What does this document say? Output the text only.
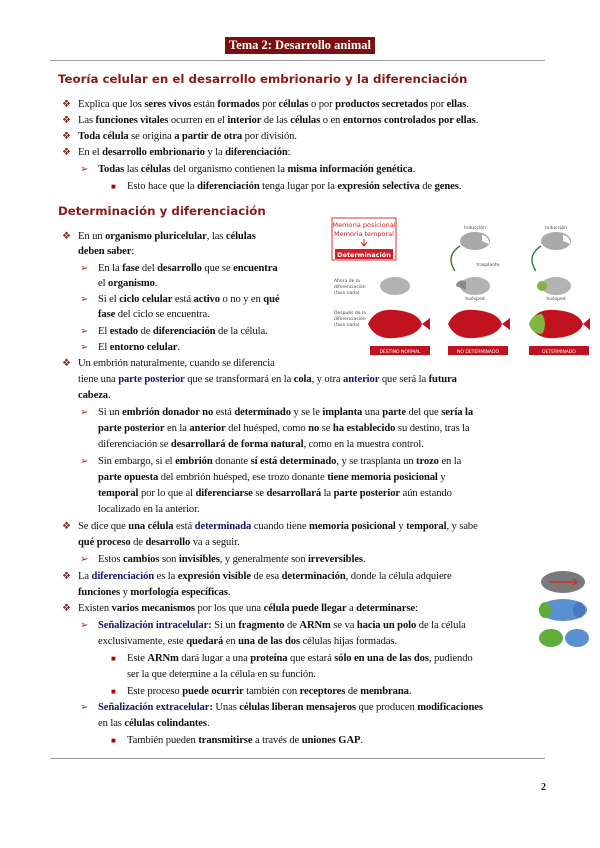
Tema 2: Desarrollo animal
Teoría celular en el desarrollo embrionario y la diferenciación
❖ Explica que los seres vivos están formados por células o por productos secretados por ellas.
❖ Las funciones vitales ocurren en el interior de las células o en entornos controlados por ellas.
❖ Toda célula se origina a partir de otra por división.
❖ En el desarrollo embrionario y la diferenciación:
➢ Todas las células del organismo contienen la misma información genética.
■ Esto hace que la diferenciación tenga lugar por la expresión selectiva de genes.
Determinación y diferenciación
❖ En un organismo pluricelular, las células
deben saber:
➢ En la fase del desarrollo que se encuentra
el organismo.
➢ Si el ciclo celular está activo o no y en qué
fase del ciclo se encuentra.
➢ El estado de diferenciación de la célula.
➢ El entorno celular.
❖ Un embrión naturalmente, cuando se diferencia
tiene una parte posterior que se transformará en la cola, y otra anterior que será la futura
cabeza.
➢ Si un embrión donador no está determinado y se le implanta una parte del que sería la
parte posterior en la anterior del huésped, como no se ha establecido su destino, tras la
diferenciación se desarrollará de forma natural, como en la muestra control.
➢ Sin embargo, si el embrión donante sí está determinado, y se trasplanta un trozo en la
parte opuesta del embrión huésped, ese trozo donante tiene memoria posicional y
temporal por lo que al diferenciarse se desarrollará la parte posterior aún estando
localizado en la anterior.
❖ Se dice que una célula está determinada cuando tiene memoria posicional y temporal, y sabe
qué proceso de desarrollo va a seguir.
➢ Estos cambios son invisibles, y generalmente son irreversibles.
❖ La diferenciación es la expresión visible de esa determinación, donde la célula adquiere
funciones y morfología específicas.
❖ Existen varios mecanismos por los que una célula puede llegar a determinarse:
➢ Señalización intracelular: Si un fragmento de ARNm se va hacia un polo de la célula
exclusivamente, este quedará en una de las dos células hijas formadas.
■ Este ARNm dará lugar a una proteína que estará sólo en una de las dos, pudiendo
ser la que determine a la célula en su función.
■ Este proceso puede ocurrir también con receptores de membrana.
➢ Señalización extracelular: Unas células liberan mensajeros que producen modificaciones
en las células colindantes.
■ También pueden transmitirse a través de uniones GAP.
2
Memoria posicional
Memoria temporal
Determinación
Inducción	Inducción
trasplante
Ahora de la
diferenciación
(fase nada)
Después de la
diferenciación
(fase nada)
huésped	huésped
DESTINO NORMAL	NO DETERMINADO	DETERMINADO
